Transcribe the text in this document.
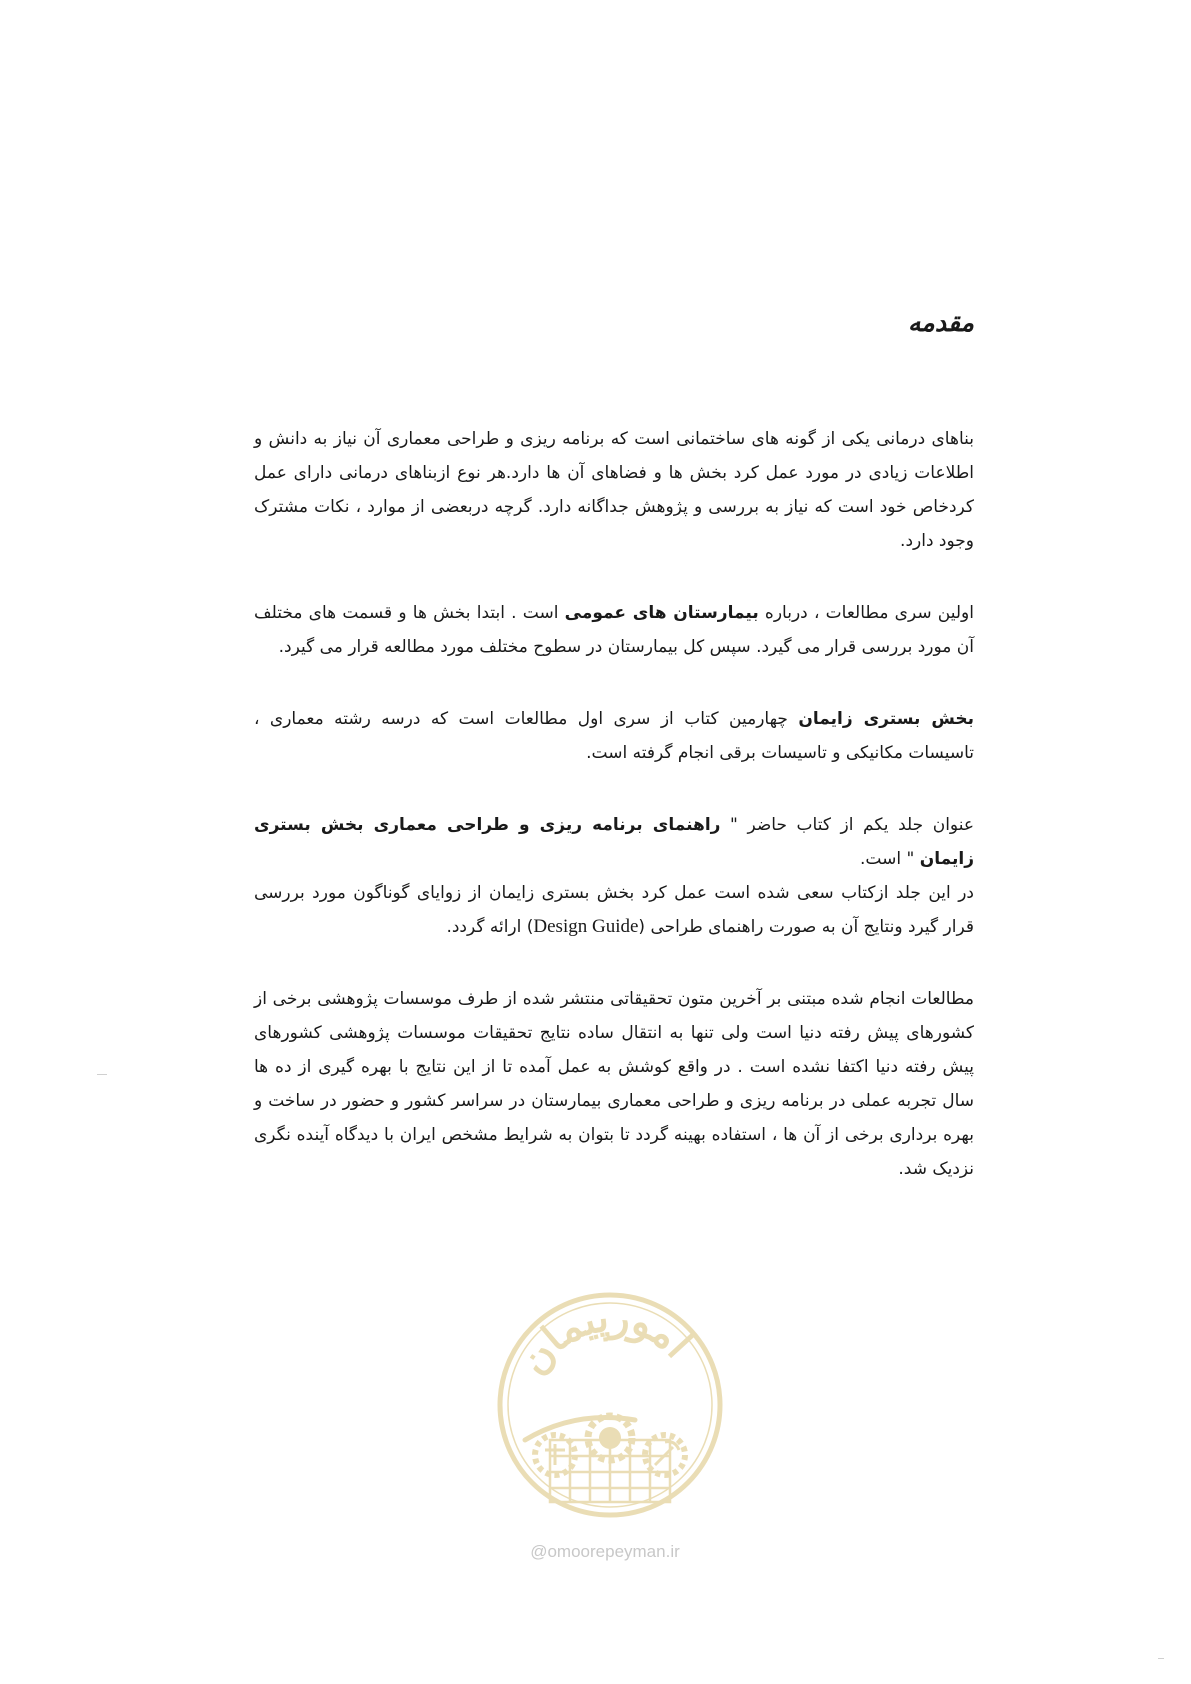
مقدمه

بناهای درمانی یکی از گونه های ساختمانی است که برنامه ریزی و طراحی معماری آن نیاز به دانش و اطلاعات زیادی در مورد عمل کرد بخش ها و فضاهای آن ها دارد.هر نوع ازبناهای درمانی دارای عمل کردخاص خود است که نیاز به بررسی و پژوهش جداگانه دارد. گرچه دربعضی از موارد ، نکات مشترک وجود دارد.

اولین سری مطالعات ، درباره بیمارستان های عمومی است . ابتدا بخش ها و قسمت های مختلف آن مورد بررسی قرار می گیرد. سپس کل بیمارستان در سطوح مختلف مورد مطالعه قرار می گیرد.

بخش بستری زایمان چهارمین کتاب از سری اول مطالعات است که درسه رشته معماری ، تاسیسات مکانیکی و تاسیسات برقی انجام گرفته است.

عنوان جلد یکم از کتاب حاضر " راهنمای برنامه ریزی و طراحی معماری بخش بستری زایمان " است.
در این جلد ازکتاب سعی شده است عمل کرد بخش بستری زایمان از زوایای گوناگون مورد بررسی قرار گیرد ونتایج آن به صورت راهنمای طراحی (Design Guide) ارائه گردد.

مطالعات انجام شده مبتنی بر آخرین متون تحقیقاتی منتشر شده از طرف موسسات پژوهشی برخی از کشورهای پیش رفته دنیا است ولی تنها به انتقال ساده نتایج تحقیقات موسسات پژوهشی کشورهای پیش رفته دنیا اکتفا نشده است . در واقع کوشش به عمل آمده تا از این نتایج با بهره گیری از ده ها سال تجربه عملی در برنامه ریزی و طراحی معماری بیمارستان در سراسر کشور و حضور در ساخت و بهره برداری برخی از آن ها ، استفاده بهینه گردد تا بتوان به شرایط مشخص ایران با دیدگاه آینده نگری نزدیک شد.

امورپیمان
@omoorepeyman.ir
